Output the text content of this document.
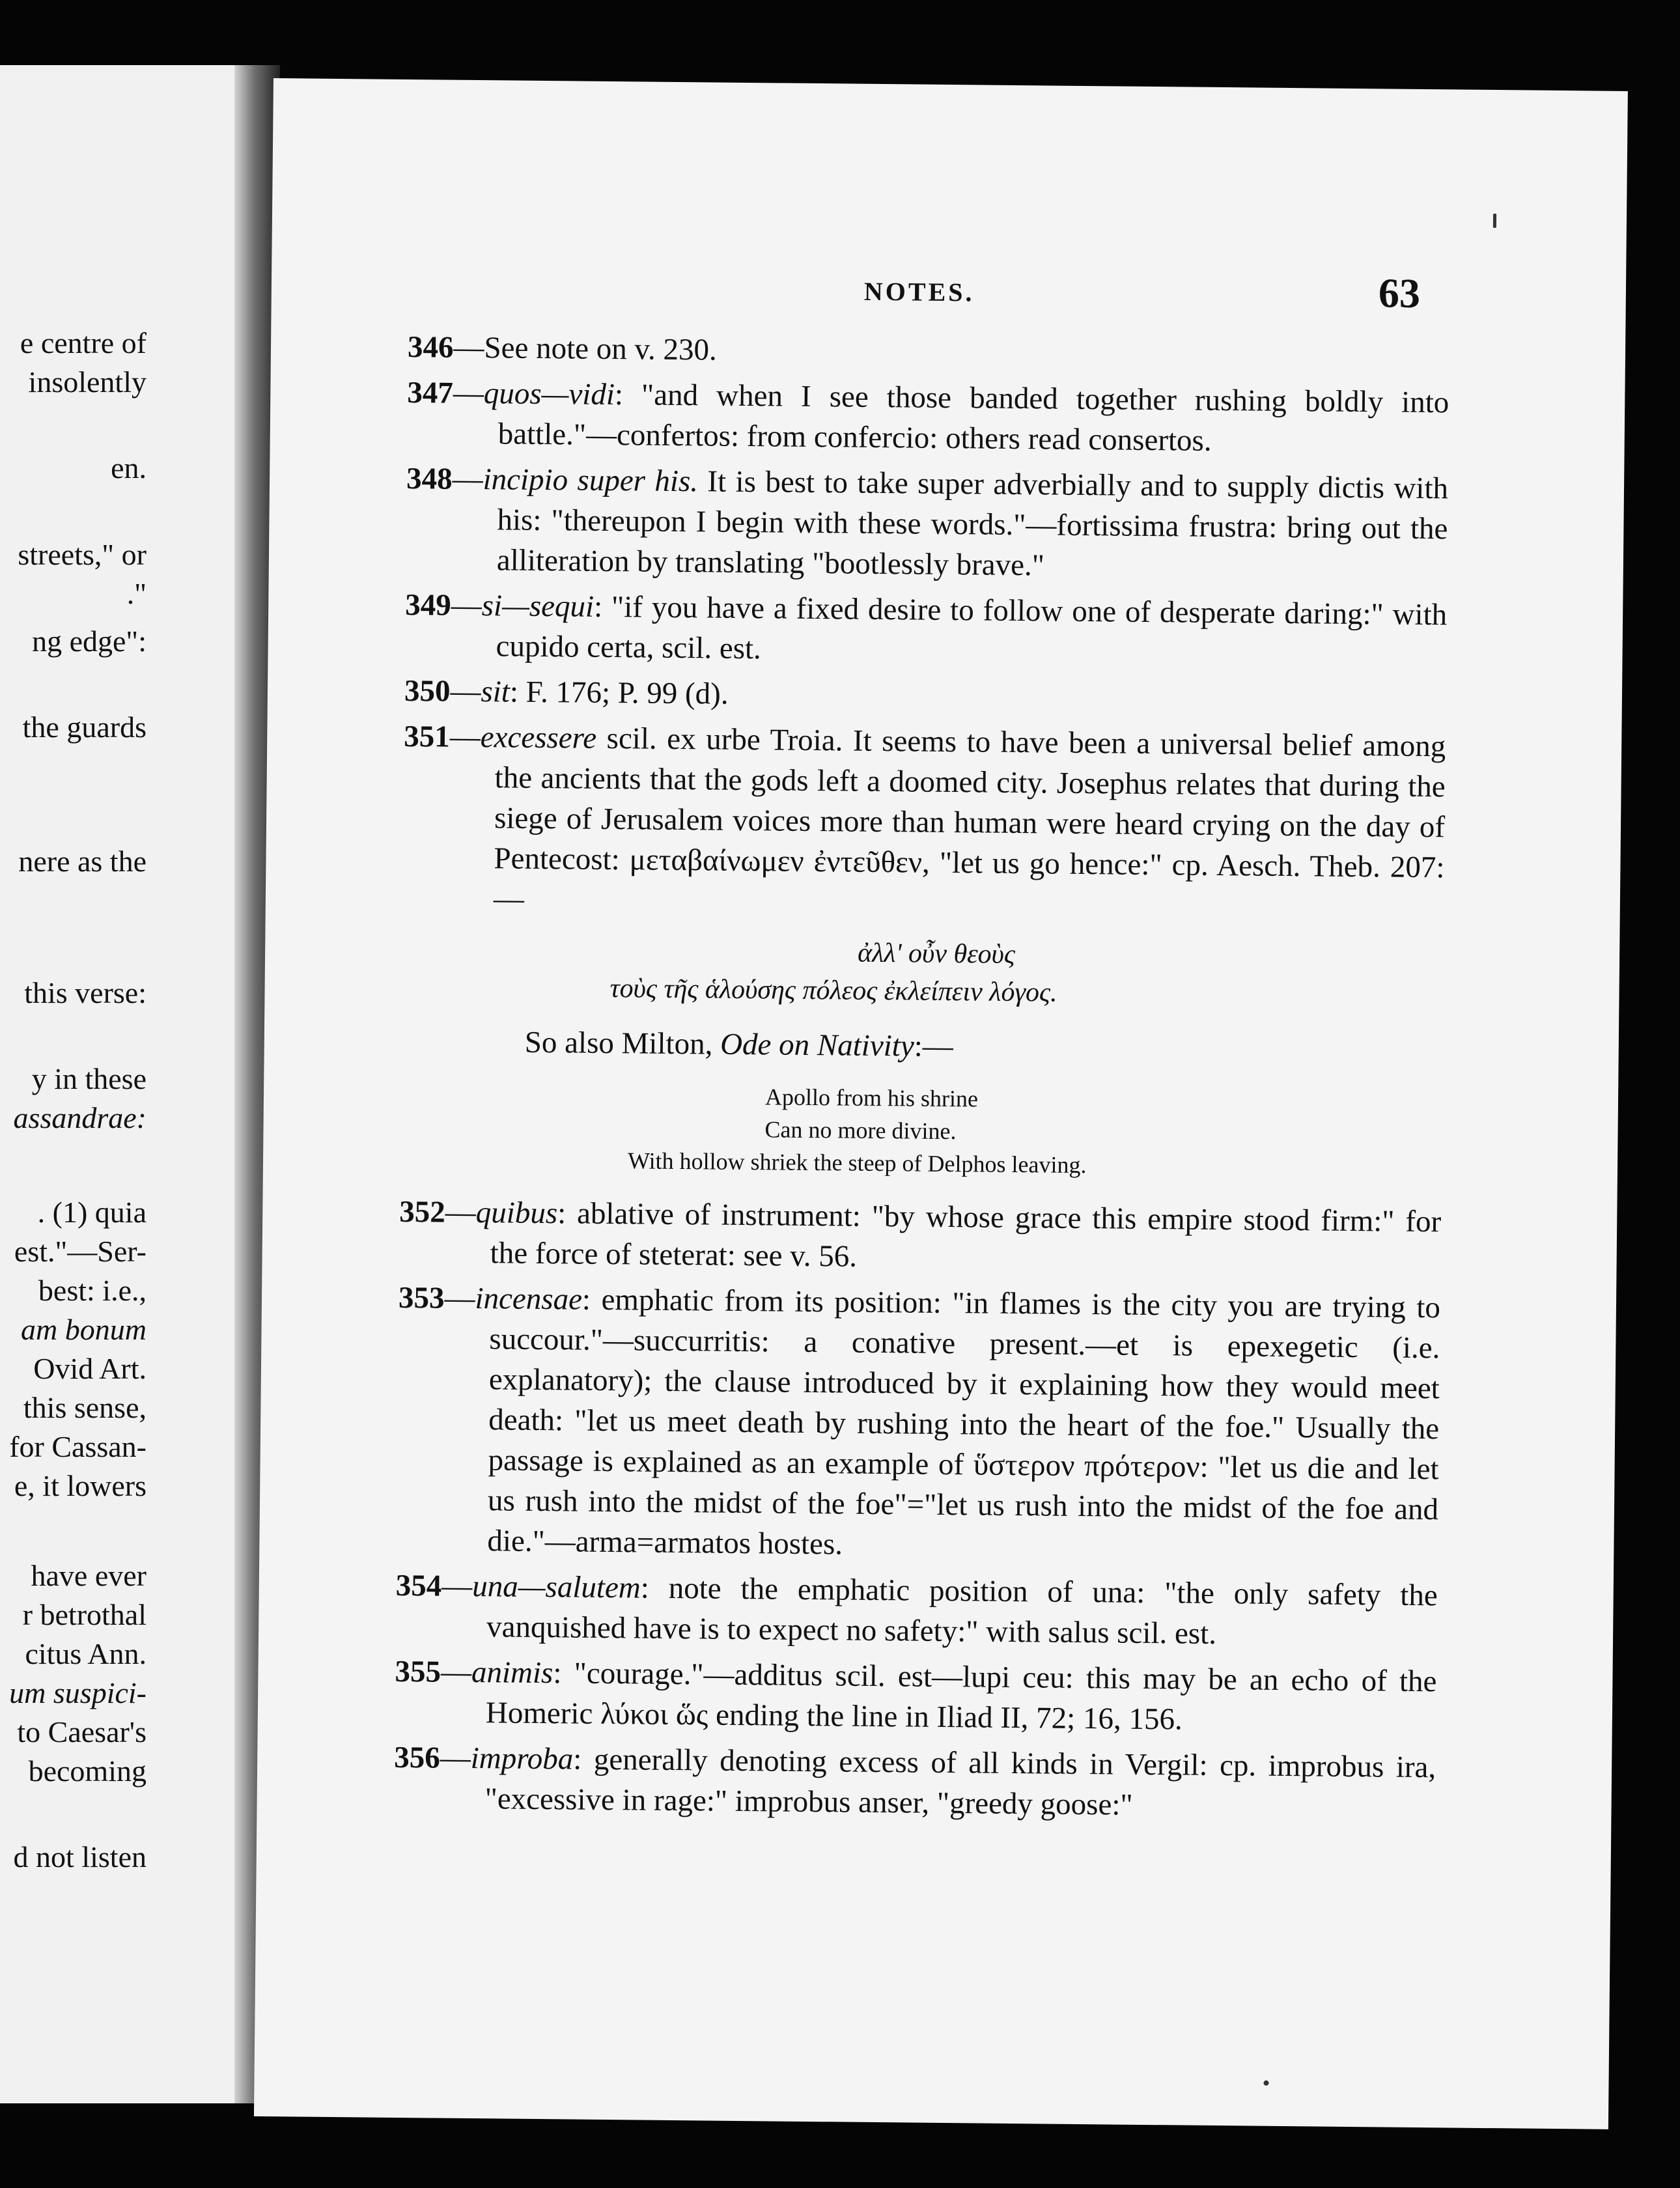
e centre of

insolently

en.

streets," or

."

ng edge":

the guards

nere as the

this verse:

y in these

assandrae:

. (1) quia

est."—Ser-

best: i.e.,

am bonum

Ovid Art.

this sense,

for Cassan-

e, it lowers

have ever

r betrothal

citus Ann.

um suspici-

to Caesar's

becoming

d not listen

NOTES.	63

346—See note on v. 230.

347—quos—vidi: "and when I see those banded together rushing boldly into battle."—confertos: from confercio: others read consertos.

348—incipio super his. It is best to take super adverbially and to supply dictis with his: "thereupon I begin with these words."—fortissima frustra: bring out the alliteration by translating "bootlessly brave."

349—si—sequi: "if you have a fixed desire to follow one of desperate daring:" with cupido certa, scil. est.

350—sit: F. 176; P. 99 (d).

351—excessere scil. ex urbe Troia. It seems to have been a universal belief among the ancients that the gods left a doomed city. Josephus relates that during the siege of Jerusalem voices more than human were heard crying on the day of Pentecost: μεταβαίνωμεν ἐντεῦθεν, "let us go hence:" cp. Aesch. Theb. 207:—

ἀλλ' οὖν θεοὺς
τοὺς τῆς ἁλούσης πόλεος ἐκλείπειν λόγος.
So also Milton, Ode on Nativity:—
Apollo from his shrine
Can no more divine.
With hollow shriek the steep of Delphos leaving.

352—quibus: ablative of instrument: "by whose grace this empire stood firm:" for the force of steterat: see v. 56.

353—incensae: emphatic from its position: "in flames is the city you are trying to succour."—succurritis: a conative present.—et is epexegetic (i.e. explanatory); the clause introduced by it explaining how they would meet death: "let us meet death by rushing into the heart of the foe." Usually the passage is explained as an example of ὕστερον πρότερον: "let us die and let us rush into the midst of the foe"="let us rush into the midst of the foe and die."—arma=armatos hostes.

354—una—salutem: note the emphatic position of una: "the only safety the vanquished have is to expect no safety:" with salus scil. est.

355—animis: "courage."—additus scil. est—lupi ceu: this may be an echo of the Homeric λύκοι ὥς ending the line in Iliad II, 72; 16, 156.

356—improba: generally denoting excess of all kinds in Vergil: cp. improbus ira, "excessive in rage:" improbus anser, "greedy goose:"
